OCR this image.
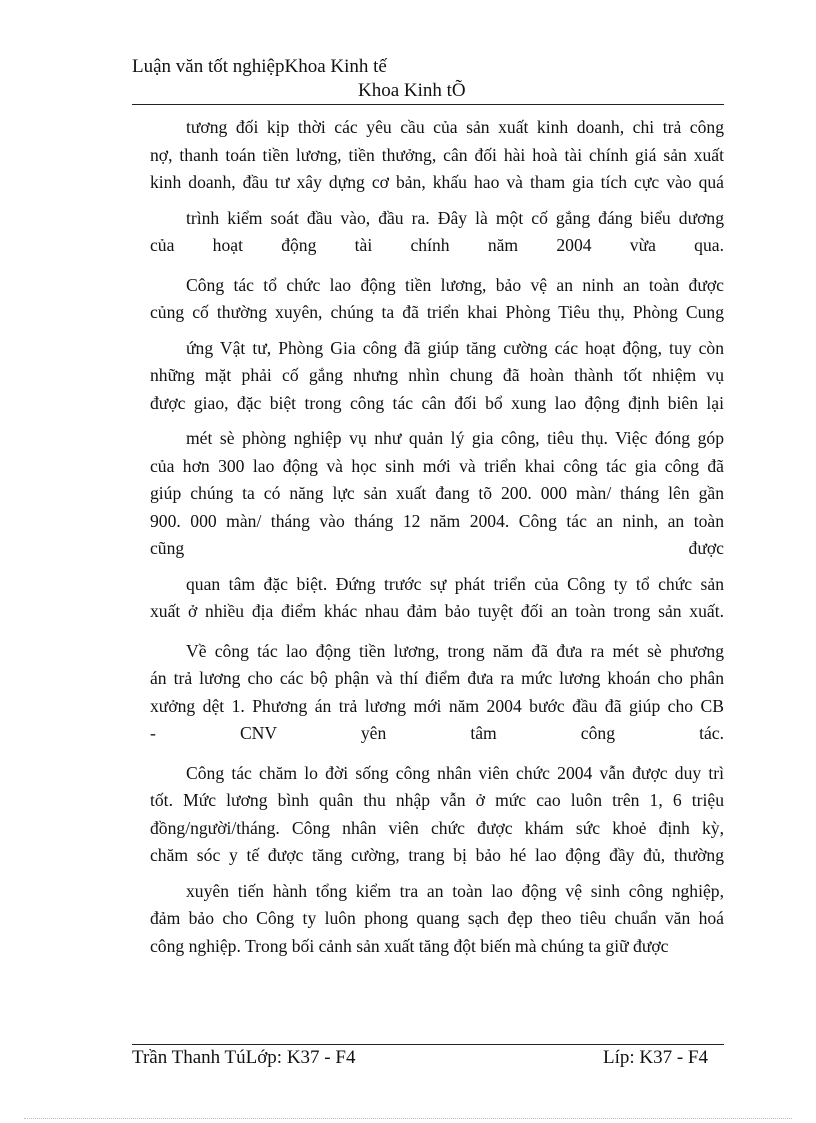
Luận văn tốt nghiệpKhoa Kinh tế
Khoa Kinh tÕ
tương đối kịp thời các yêu cầu của sản xuất kinh doanh, chi trả công
nợ, thanh toán tiền lương, tiền thưởng, cân đối hài hoà tài chính giá sản xuất
kinh doanh, đầu tư xây dựng cơ bản, khấu hao và tham gia tích cực vào quá
trình kiểm soát đầu vào, đầu ra. Đây là một cố gắng đáng biểu dương
của hoạt động tài chính năm 2004 vừa qua.
Công tác tổ chức lao động tiền lương, bảo vệ an ninh an toàn được
củng cố thường xuyên, chúng ta đã triển khai Phòng Tiêu thụ, Phòng Cung
ứng Vật tư, Phòng Gia công đã giúp tăng cường các hoạt động, tuy còn
những mặt phải cố gắng nhưng nhìn chung đã hoàn thành tốt nhiệm vụ
được giao, đặc biệt trong công tác cân đối bổ xung lao động định biên lại
mét sè phòng nghiệp vụ như quản lý gia công, tiêu thụ. Việc đóng góp
của hơn 300 lao động và học sinh mới và triển khai công tác gia công đã
giúp chúng ta có năng lực sản xuất đang tõ 200. 000 màn/ tháng lên gần
900. 000 màn/ tháng vào tháng 12 năm 2004. Công tác an ninh, an toàn
cũng được
quan tâm đặc biệt. Đứng trước sự phát triển của Công ty tổ chức sản
xuất ở nhiều địa điểm khác nhau đảm bảo tuyệt đối an toàn trong sản xuất.
Về công tác lao động tiền lương, trong năm đã đưa ra mét sè phương
án trả lương cho các bộ phận và thí điểm đưa ra mức lương khoán cho phân
xưởng dệt 1. Phương án trả lương mới năm 2004 bước đầu đã giúp cho CB
- CNV yên tâm công tác.
Công tác chăm lo đời sống công nhân viên chức 2004 vẫn được duy trì
tốt. Mức lương bình quân thu nhập vẫn ở mức cao luôn trên 1, 6 triệu
đồng/người/tháng. Công nhân viên chức được khám sức khoẻ định kỳ,
chăm sóc y tế được tăng cường, trang bị bảo hé lao động đầy đủ, thường
xuyên tiến hành tổng kiểm tra an toàn lao động vệ sinh công nghiệp,
đảm bảo cho Công ty luôn phong quang sạch đẹp theo tiêu chuẩn văn hoá
công nghiệp. Trong bối cảnh sản xuất tăng đột biến mà chúng ta giữ được
Trần Thanh TúLớp: K37 - F4	Líp: K37 - F4
